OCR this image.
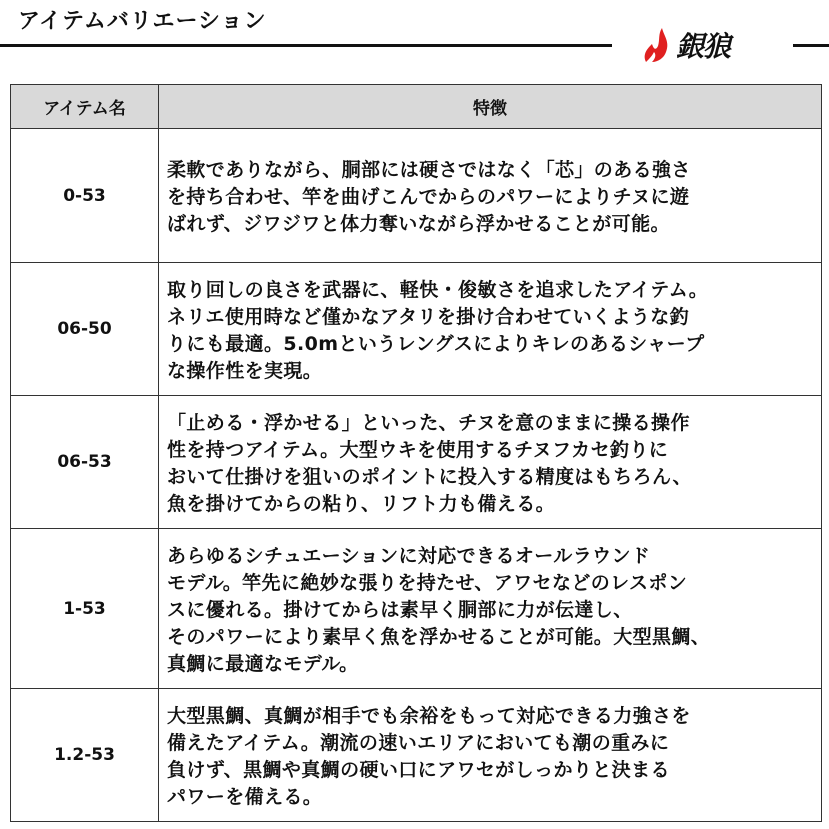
アイテムバリエーション
銀狼
アイテム名	特徴
0-53	柔軟でありながら、胴部には硬さではなく「芯」のある強さ
を持ち合わせ、竿を曲げこんでからのパワーによりチヌに遊
ばれず、ジワジワと体力奪いながら浮かせることが可能。

06-50	取り回しの良さを武器に、軽快・俊敏さを追求したアイテム。
ネリエ使用時など僅かなアタリを掛け合わせていくような釣
りにも最適。5.0mというレングスによりキレのあるシャープ
な操作性を実現。

06-53	「止める・浮かせる」といった、チヌを意のままに操る操作
性を持つアイテム。大型ウキを使用するチヌフカセ釣りに
おいて仕掛けを狙いのポイントに投入する精度はもちろん、
魚を掛けてからの粘り、リフト力も備える。

1-53	あらゆるシチュエーションに対応できるオールラウンド
モデル。竿先に絶妙な張りを持たせ、アワセなどのレスポン
スに優れる。掛けてからは素早く胴部に力が伝達し、
そのパワーにより素早く魚を浮かせることが可能。大型黒鯛、
真鯛に最適なモデル。

1.2-53	大型黒鯛、真鯛が相手でも余裕をもって対応できる力強さを
備えたアイテム。潮流の速いエリアにおいても潮の重みに
負けず、黒鯛や真鯛の硬い口にアワセがしっかりと決まる
パワーを備える。
